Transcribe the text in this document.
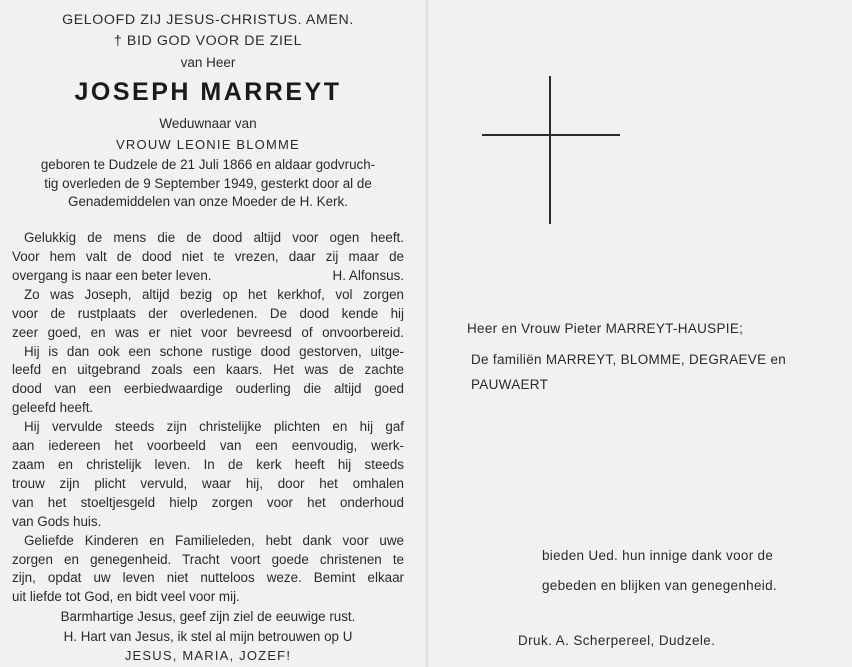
GELOOFD ZIJ JESUS-CHRISTUS. AMEN.
† BID GOD VOOR DE ZIEL
van Heer
JOSEPH MARREYT
Weduwnaar van
VROUW LEONIE BLOMME
geboren te Dudzele de 21 Juli 1866 en aldaar godvruch-
tig overleden de 9 September 1949, gesterkt door al de
Genademiddelen van onze Moeder de H. Kerk.
Gelukkig de mens die de dood altijd voor ogen heeft.
Voor hem valt de dood niet te vrezen, daar zij maar de
overgang is naar een beter leven.	H. Alfonsus.
Zo was Joseph, altijd bezig op het kerkhof, vol zorgen
voor de rustplaats der overledenen. De dood kende hij
zeer goed, en was er niet voor bevreesd of onvoorbereid.
Hij is dan ook een schone rustige dood gestorven, uitge-
leefd en uitgebrand zoals een kaars. Het was de zachte
dood van een eerbiedwaardige ouderling die altijd goed
geleefd heeft.
Hij vervulde steeds zijn christelijke plichten en hij gaf
aan iedereen het voorbeeld van een eenvoudig, werk-
zaam en christelijk leven. In de kerk heeft hij steeds
trouw zijn plicht vervuld, waar hij, door het omhalen
van het stoeltjesgeld hielp zorgen voor het onderhoud
van Gods huis.
Geliefde Kinderen en Familieleden, hebt dank voor uwe
zorgen en genegenheid. Tracht voort goede christenen te
zijn, opdat uw leven niet nutteloos weze. Bemint elkaar
uit liefde tot God, en bidt veel voor mij.
Barmhartige Jesus, geef zijn ziel de eeuwige rust.
H. Hart van Jesus, ik stel al mijn betrouwen op U
JESUS, MARIA, JOZEF!
Heer en Vrouw Pieter MARREYT-HAUSPIE;
De familiën MARREYT, BLOMME, DEGRAEVE en
PAUWAERT
bieden Ued. hun innige dank voor de
gebeden en blijken van genegenheid.
Druk. A. Scherpereel, Dudzele.
